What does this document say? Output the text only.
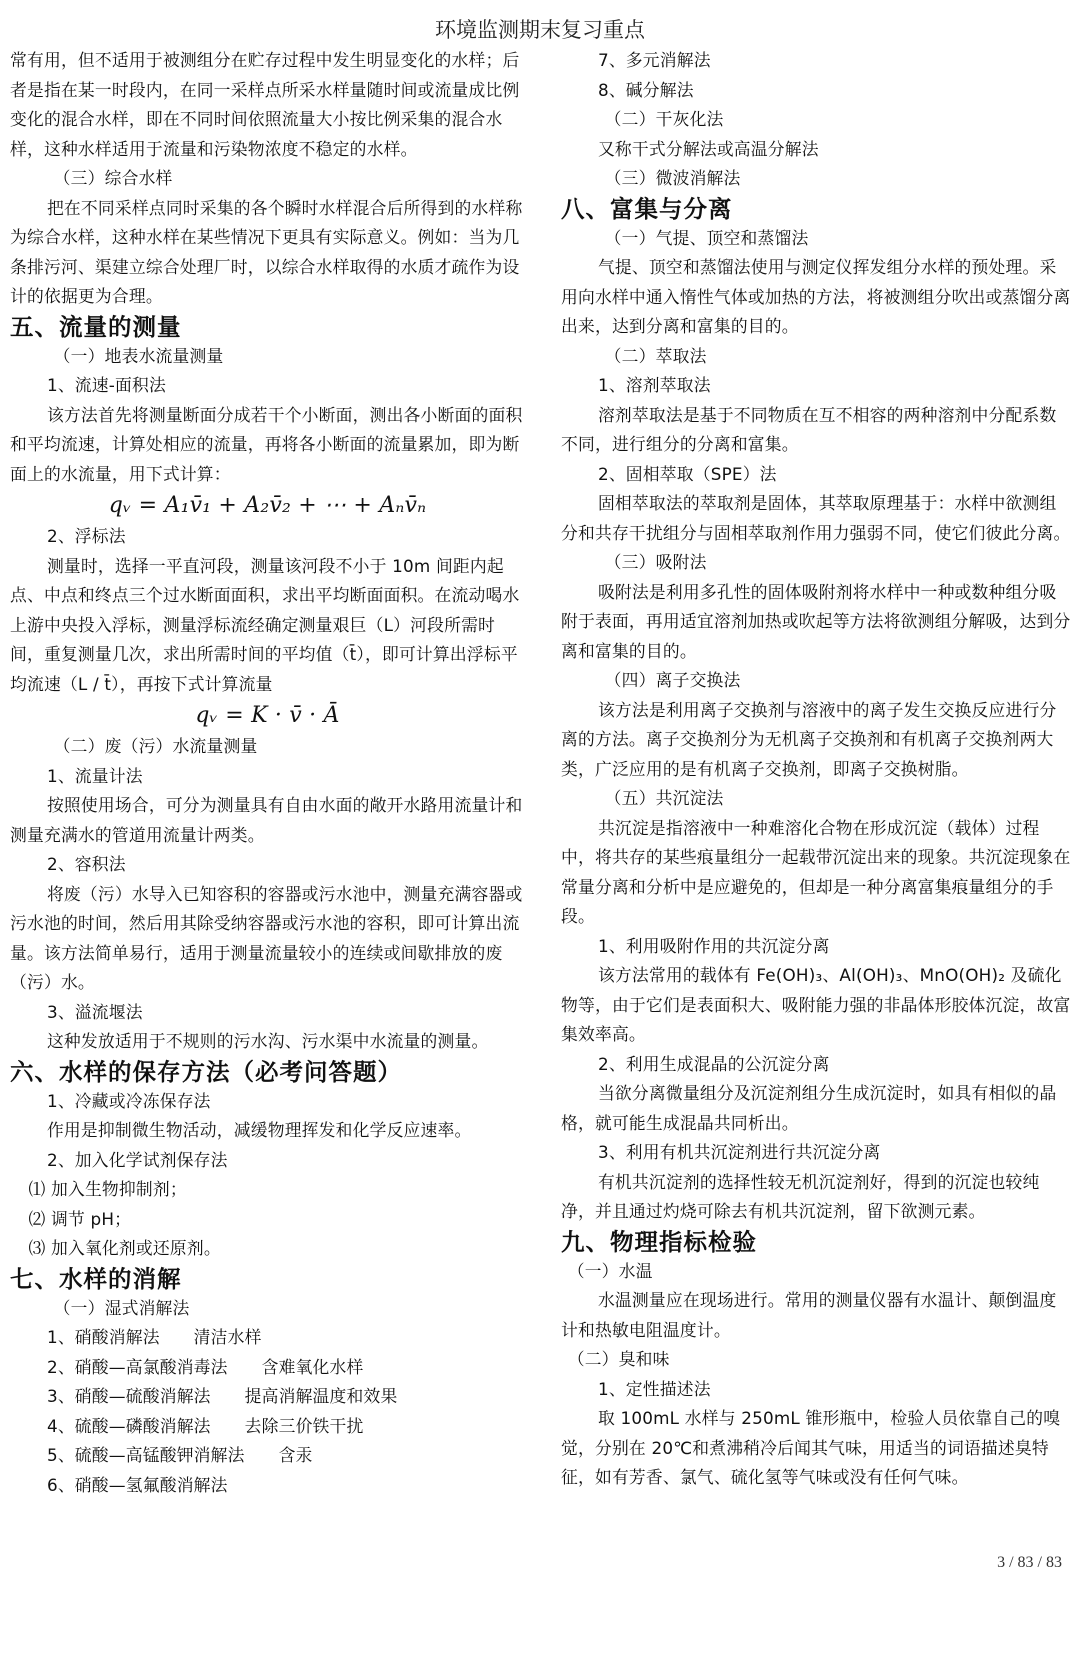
环境监测期末复习重点

常有用，但不适用于被测组分在贮存过程中发生明显变化的水样；后者是指在某一时段内，在同一采样点所采水样量随时间或流量成比例变化的混合水样，即在不同时间依照流量大小按比例采集的混合水样，这种水样适用于流量和污染物浓度不稳定的水样。

（三）综合水样

把在不同采样点同时采集的各个瞬时水样混合后所得到的水样称为综合水样，这种水样在某些情况下更具有实际意义。例如：当为几条排污河、渠建立综合处理厂时，以综合水样取得的水质才疏作为设计的依据更为合理。

五、流量的测量
（一）地表水流量测量
1、流速-面积法

该方法首先将测量断面分成若干个小断面，测出各小断面的面积和平均流速，计算处相应的流量，再将各小断面的流量累加，即为断面上的水流量，用下式计算：

qᵥ = A₁v̄₁ + A₂v̄₂ + ⋯ + Aₙv̄ₙ
2、浮标法

测量时，选择一平直河段，测量该河段不小于 10m 间距内起点、中点和终点三个过水断面面积，求出平均断面面积。在流动喝水上游中央投入浮标，测量浮标流经确定测量艰巨（L）河段所需时间，重复测量几次，求出所需时间的平均值（t̄），即可计算出浮标平均流速（L / t̄），再按下式计算流量

qᵥ = K · v̄ · Ā
（二）废（污）水流量测量
1、流量计法

按照使用场合，可分为测量具有自由水面的敞开水路用流量计和测量充满水的管道用流量计两类。

2、容积法

将废（污）水导入已知容积的容器或污水池中，测量充满容器或污水池的时间，然后用其除受纳容器或污水池的容积，即可计算出流量。该方法简单易行，适用于测量流量较小的连续或间歇排放的废（污）水。

3、溢流堰法

这种发放适用于不规则的污水沟、污水渠中水流量的测量。

六、水样的保存方法（必考问答题）
1、冷藏或冷冻保存法

作用是抑制微生物活动，减缓物理挥发和化学反应速率。

2、加入化学试剂保存法
⑴ 加入生物抑制剂；
⑵ 调节 pH；
⑶ 加入氧化剂或还原剂。
七、水样的消解
（一）湿式消解法
1、硝酸消解法　　清洁水样
2、硝酸—高氯酸消毒法　　含难氧化水样
3、硝酸—硫酸消解法　　提高消解温度和效果
4、硫酸—磷酸消解法　　去除三价铁干扰
5、硫酸—高锰酸钾消解法　　含汞
6、硝酸—氢氟酸消解法
7、多元消解法
8、碱分解法
（二）干灰化法
又称干式分解法或高温分解法
（三）微波消解法
八、富集与分离
（一）气提、顶空和蒸馏法

气提、顶空和蒸馏法使用与测定仪挥发组分水样的预处理。采用向水样中通入惰性气体或加热的方法，将被测组分吹出或蒸馏分离出来，达到分离和富集的目的。

（二）萃取法
1、溶剂萃取法

溶剂萃取法是基于不同物质在互不相容的两种溶剂中分配系数不同，进行组分的分离和富集。

2、固相萃取（SPE）法

固相萃取法的萃取剂是固体，其萃取原理基于：水样中欲测组分和共存干扰组分与固相萃取剂作用力强弱不同，使它们彼此分离。

（三）吸附法

吸附法是利用多孔性的固体吸附剂将水样中一种或数种组分吸附于表面，再用适宜溶剂加热或吹起等方法将欲测组分解吸，达到分离和富集的目的。

（四）离子交换法

该方法是利用离子交换剂与溶液中的离子发生交换反应进行分离的方法。离子交换剂分为无机离子交换剂和有机离子交换剂两大类，广泛应用的是有机离子交换剂，即离子交换树脂。

（五）共沉淀法

共沉淀是指溶液中一种难溶化合物在形成沉淀（载体）过程中，将共存的某些痕量组分一起载带沉淀出来的现象。共沉淀现象在常量分离和分析中是应避免的，但却是一种分离富集痕量组分的手段。

1、利用吸附作用的共沉淀分离

该方法常用的载体有 Fe(OH)₃、Al(OH)₃、MnO(OH)₂ 及硫化物等，由于它们是表面积大、吸附能力强的非晶体形胶体沉淀，故富集效率高。

2、利用生成混晶的公沉淀分离

当欲分离微量组分及沉淀剂组分生成沉淀时，如具有相似的晶格，就可能生成混晶共同析出。

3、利用有机共沉淀剂进行共沉淀分离

有机共沉淀剂的选择性较无机沉淀剂好，得到的沉淀也较纯净，并且通过灼烧可除去有机共沉淀剂，留下欲测元素。

九、物理指标检验
（一）水温

水温测量应在现场进行。常用的测量仪器有水温计、颠倒温度计和热敏电阻温度计。

（二）臭和味
1、定性描述法

取 100mL 水样与 250mL 锥形瓶中，检验人员依靠自己的嗅觉，分别在 20℃和煮沸稍冷后闻其气味，用适当的词语描述臭特征，如有芳香、氯气、硫化氢等气味或没有任何气味。

3 / 83 / 83
